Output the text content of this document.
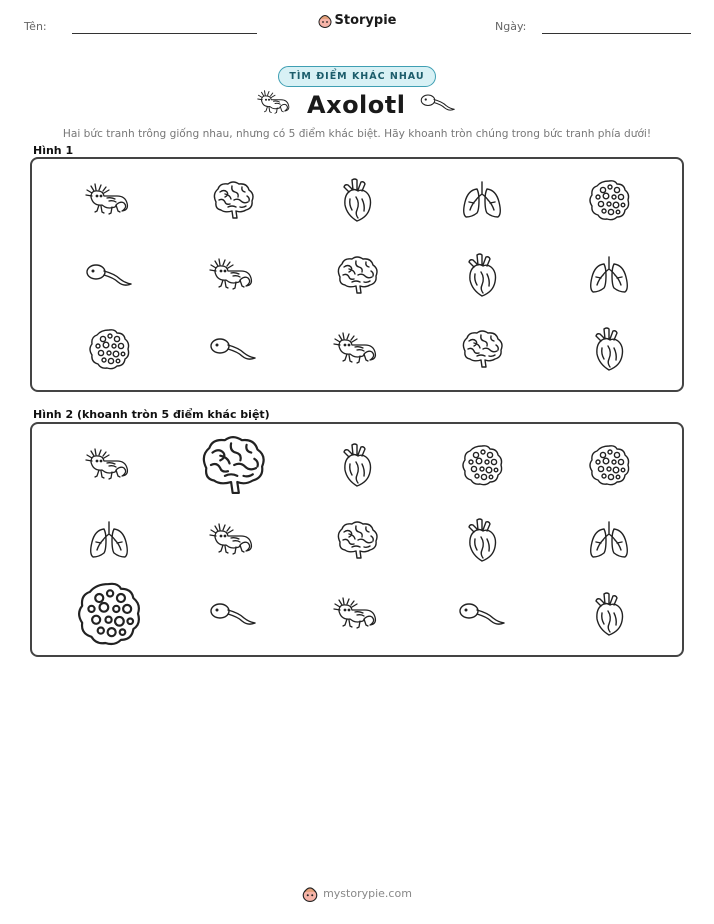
Tên:	Storypie	Ngày:
TÌM ĐIỂM KHÁC NHAU
Axolotl
Hai bức tranh trông giống nhau, nhưng có 5 điểm khác biệt. Hãy khoanh tròn chúng trong bức tranh phía dưới!
Hình 1
Hình 2 (khoanh tròn 5 điểm khác biệt)
mystorypie.com
